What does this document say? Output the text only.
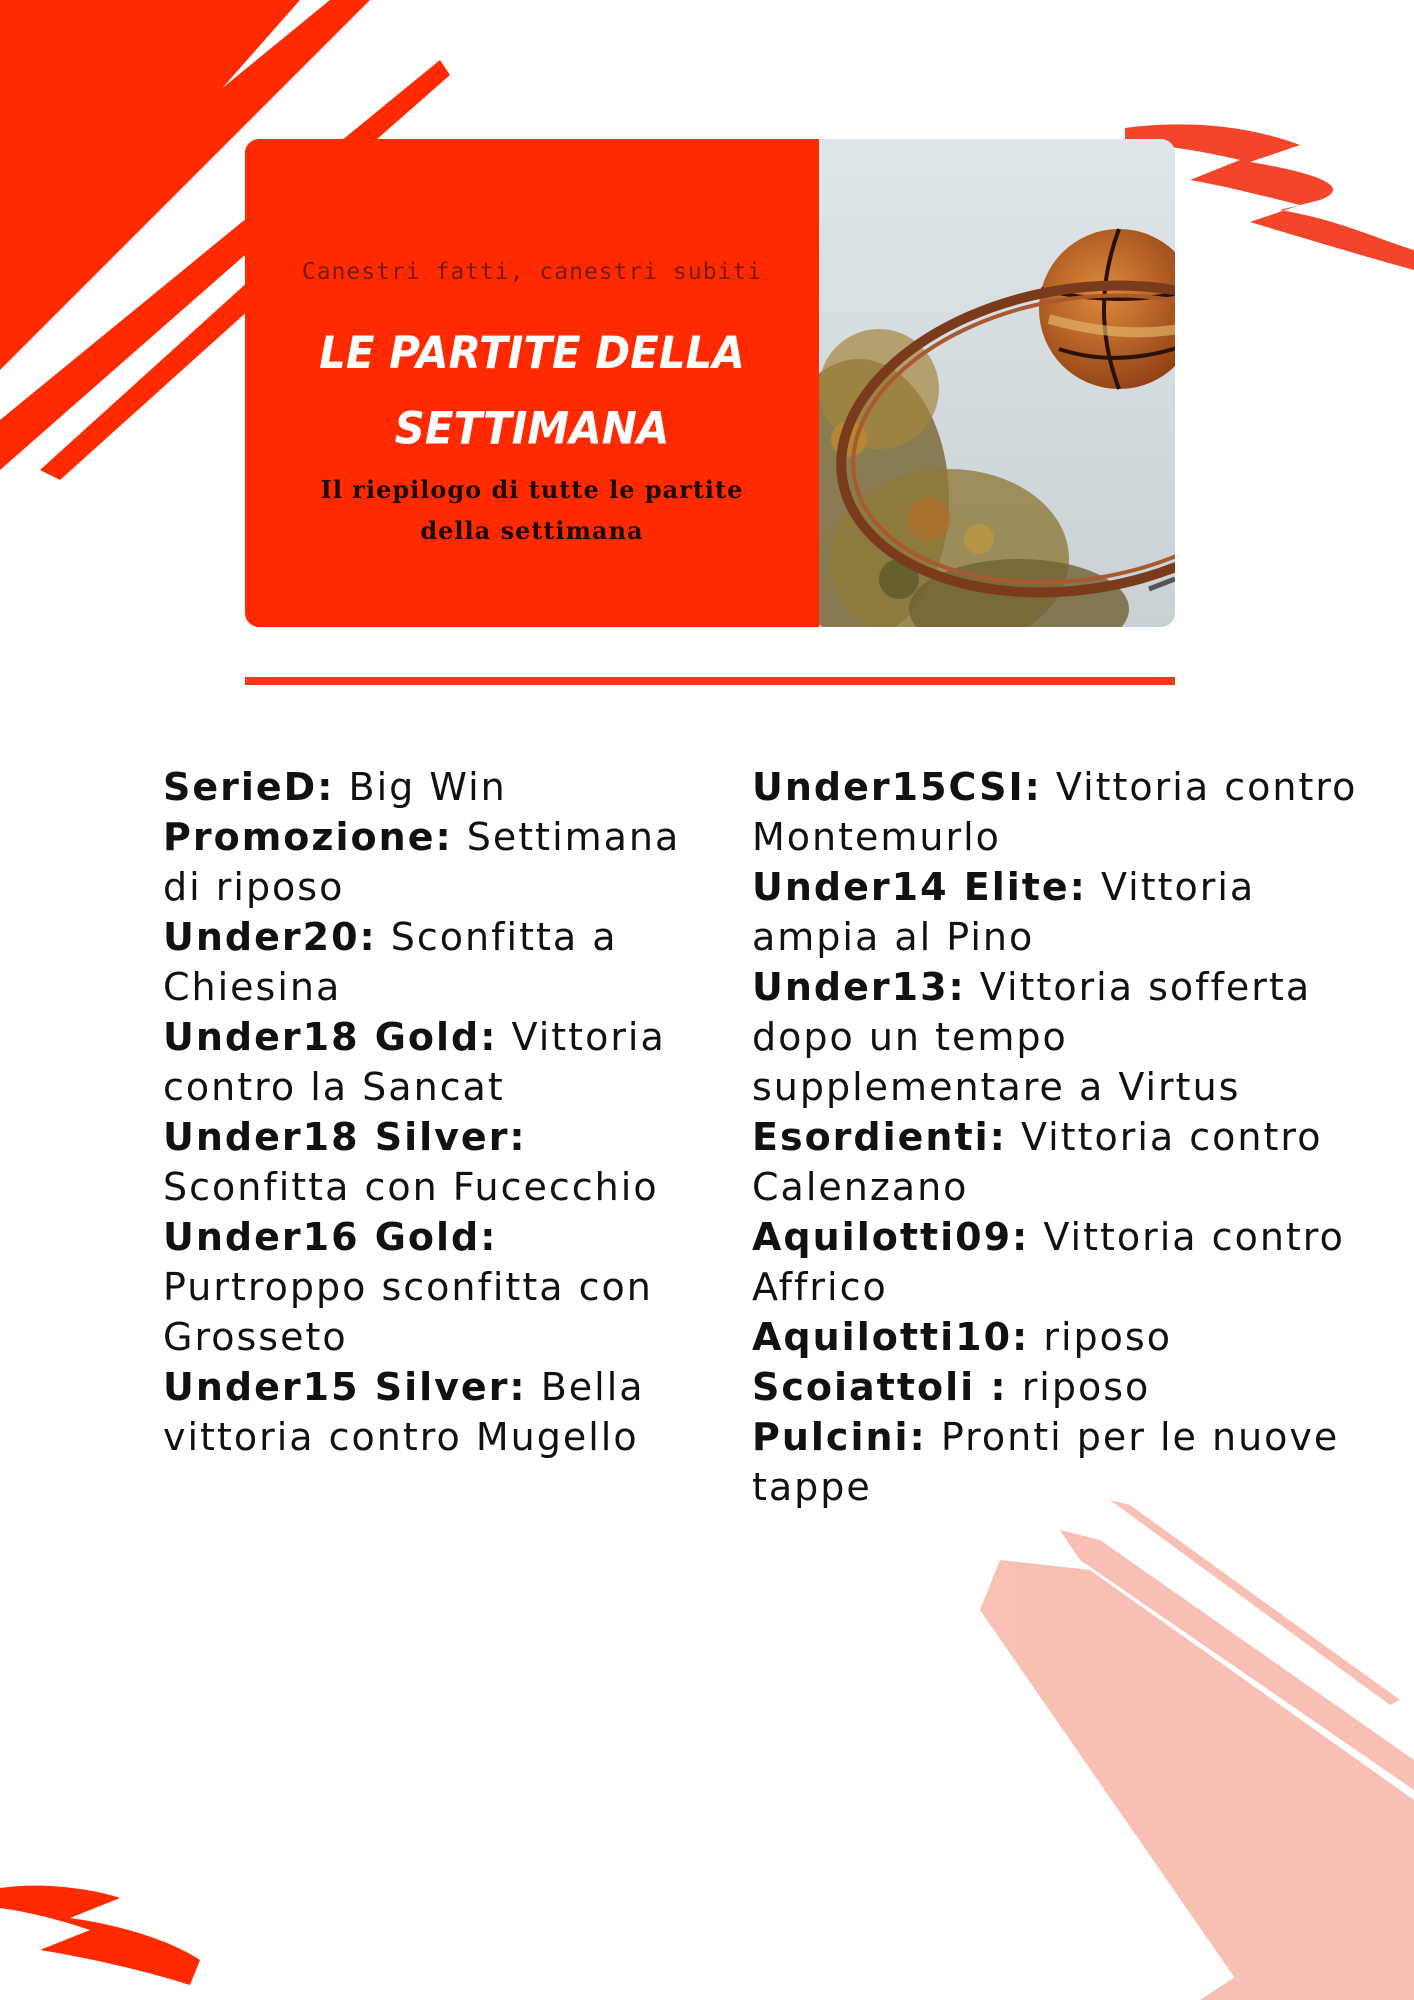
Canestri fatti, canestri subiti
LE PARTITE DELLA
SETTIMANA
Il riepilogo di tutte le partite
della settimana
SerieD: Big Win
Promozione: Settimana di riposo
Under20: Sconfitta a Chiesina
Under18 Gold: Vittoria contro la Sancat
Under18 Silver: Sconfitta con Fucecchio
Under16 Gold: Purtroppo sconfitta con Grosseto
Under15 Silver: Bella vittoria contro Mugello
Under15CSI: Vittoria contro Montemurlo
Under14 Elite: Vittoria ampia al Pino
Under13: Vittoria sofferta dopo un tempo supplementare a Virtus
Esordienti: Vittoria contro Calenzano
Aquilotti09: Vittoria contro Affrico
Aquilotti10: riposo
Scoiattoli : riposo
Pulcini: Pronti per le nuove tappe
